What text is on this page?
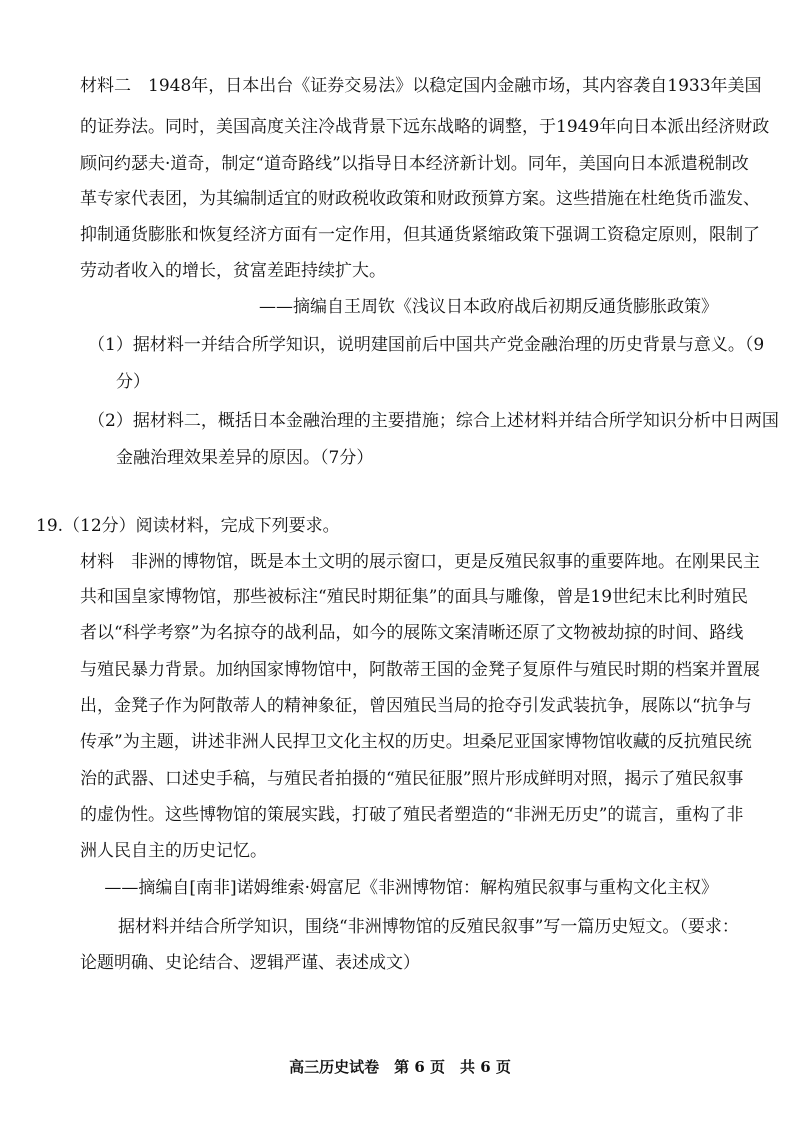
材料二　1948年，日本出台《证券交易法》以稳定国内金融市场，其内容袭自1933年美国
的证券法。同时，美国高度关注冷战背景下远东战略的调整，于1949年向日本派出经济财政
顾问约瑟夫·道奇，制定“道奇路线”以指导日本经济新计划。同年，美国向日本派遣税制改
革专家代表团，为其编制适宜的财政税收政策和财政预算方案。这些措施在杜绝货币滥发、
抑制通货膨胀和恢复经济方面有一定作用，但其通货紧缩政策下强调工资稳定原则，限制了
劳动者收入的增长，贫富差距持续扩大。
——摘编自王周钦《浅议日本政府战后初期反通货膨胀政策》
（1）据材料一并结合所学知识，说明建国前后中国共产党金融治理的历史背景与意义。（9
分）
（2）据材料二，概括日本金融治理的主要措施；综合上述材料并结合所学知识分析中日两国
金融治理效果差异的原因。（7分）
19.（12分）阅读材料，完成下列要求。
材料　非洲的博物馆，既是本土文明的展示窗口，更是反殖民叙事的重要阵地。在刚果民主
共和国皇家博物馆，那些被标注“殖民时期征集”的面具与雕像，曾是19世纪末比利时殖民
者以“科学考察”为名掠夺的战利品，如今的展陈文案清晰还原了文物被劫掠的时间、路线
与殖民暴力背景。加纳国家博物馆中，阿散蒂王国的金凳子复原件与殖民时期的档案并置展
出，金凳子作为阿散蒂人的精神象征，曾因殖民当局的抢夺引发武装抗争，展陈以“抗争与
传承”为主题，讲述非洲人民捍卫文化主权的历史。坦桑尼亚国家博物馆收藏的反抗殖民统
治的武器、口述史手稿，与殖民者拍摄的“殖民征服”照片形成鲜明对照，揭示了殖民叙事
的虚伪性。这些博物馆的策展实践，打破了殖民者塑造的“非洲无历史”的谎言，重构了非
洲人民自主的历史记忆。
——摘编自[南非]诺姆维索·姆富尼《非洲博物馆：解构殖民叙事与重构文化主权》
据材料并结合所学知识，围绕“非洲博物馆的反殖民叙事”写一篇历史短文。（要求：
论题明确、史论结合、逻辑严谨、表述成文）
高三历史试卷　第 6 页　共 6 页
